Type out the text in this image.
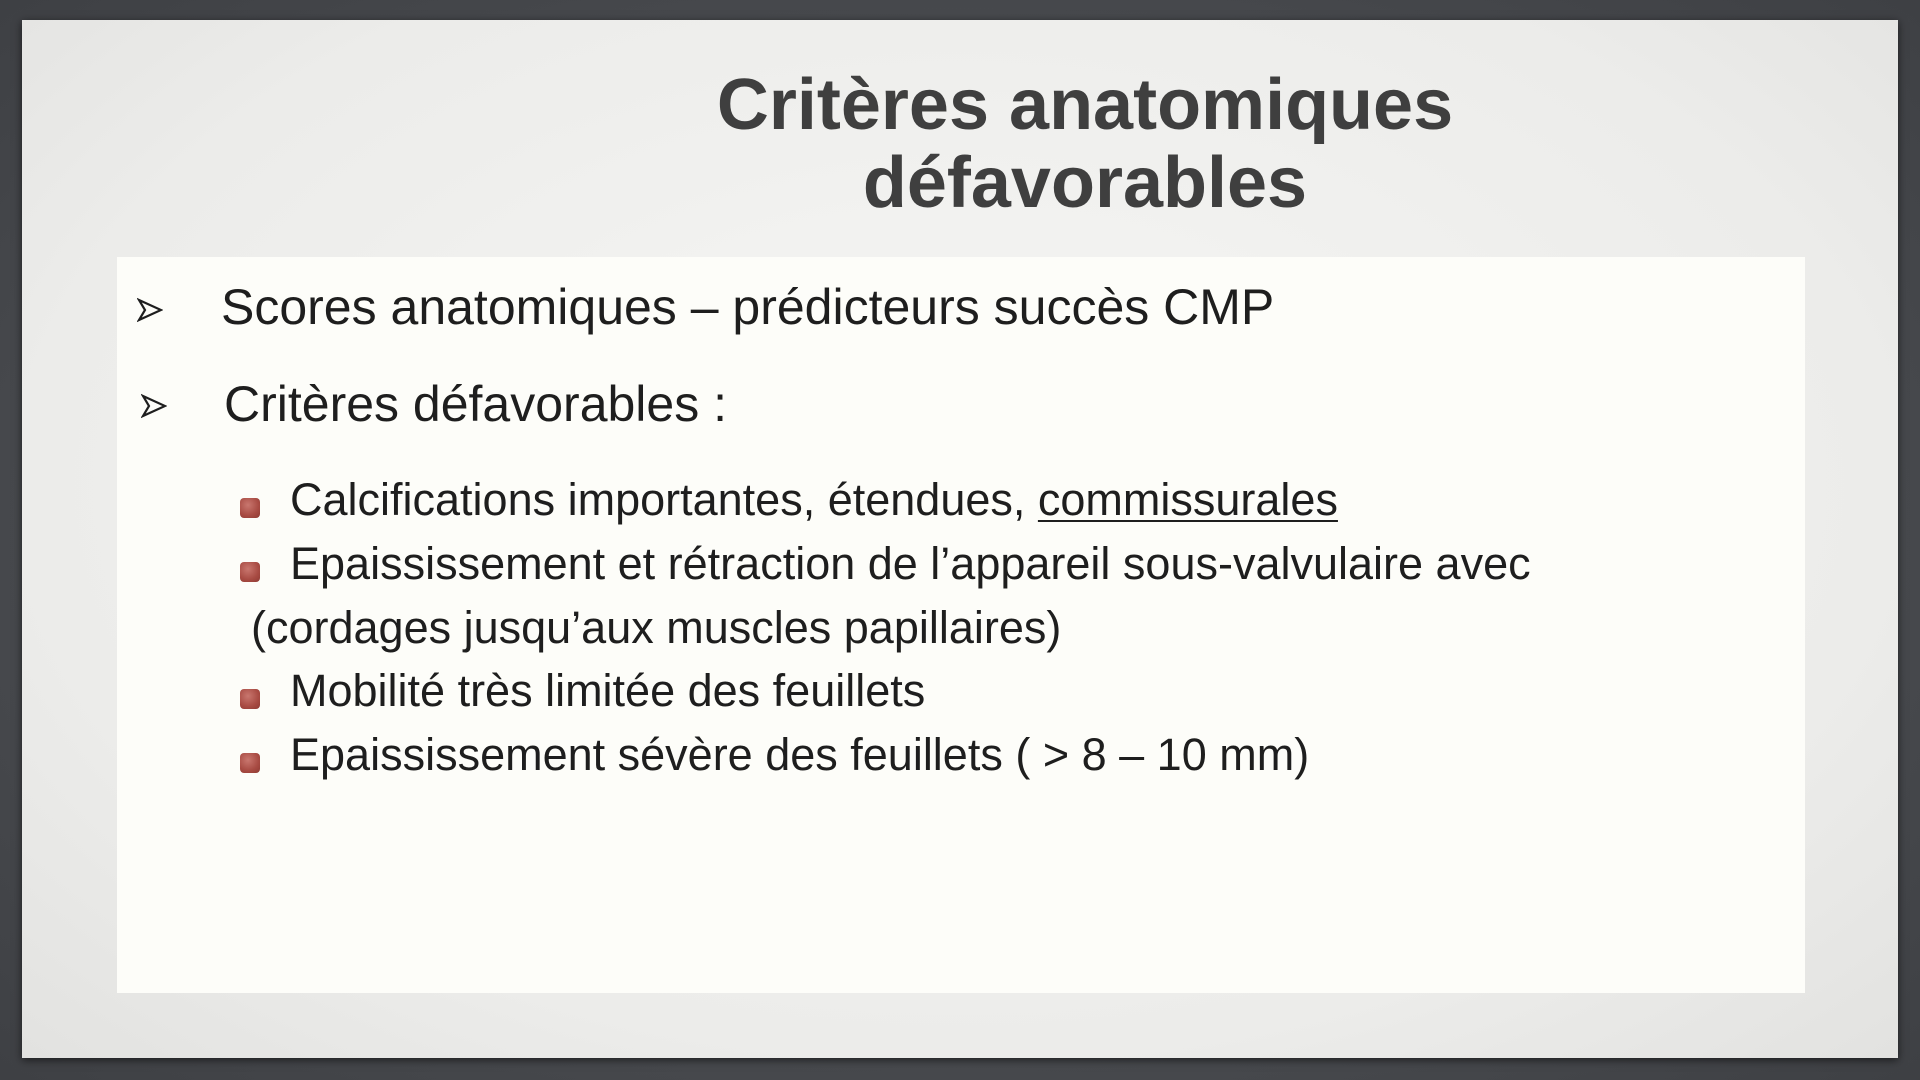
Critères anatomiques
défavorables
Scores anatomiques – prédicteurs succès CMP
Critères défavorables :
Calcifications importantes, étendues, commissurales
Epaississement et rétraction de l’appareil sous-valvulaire avec
(cordages jusqu’aux muscles papillaires)
Mobilité très limitée des feuillets
Epaississement sévère des feuillets ( > 8 – 10 mm)
